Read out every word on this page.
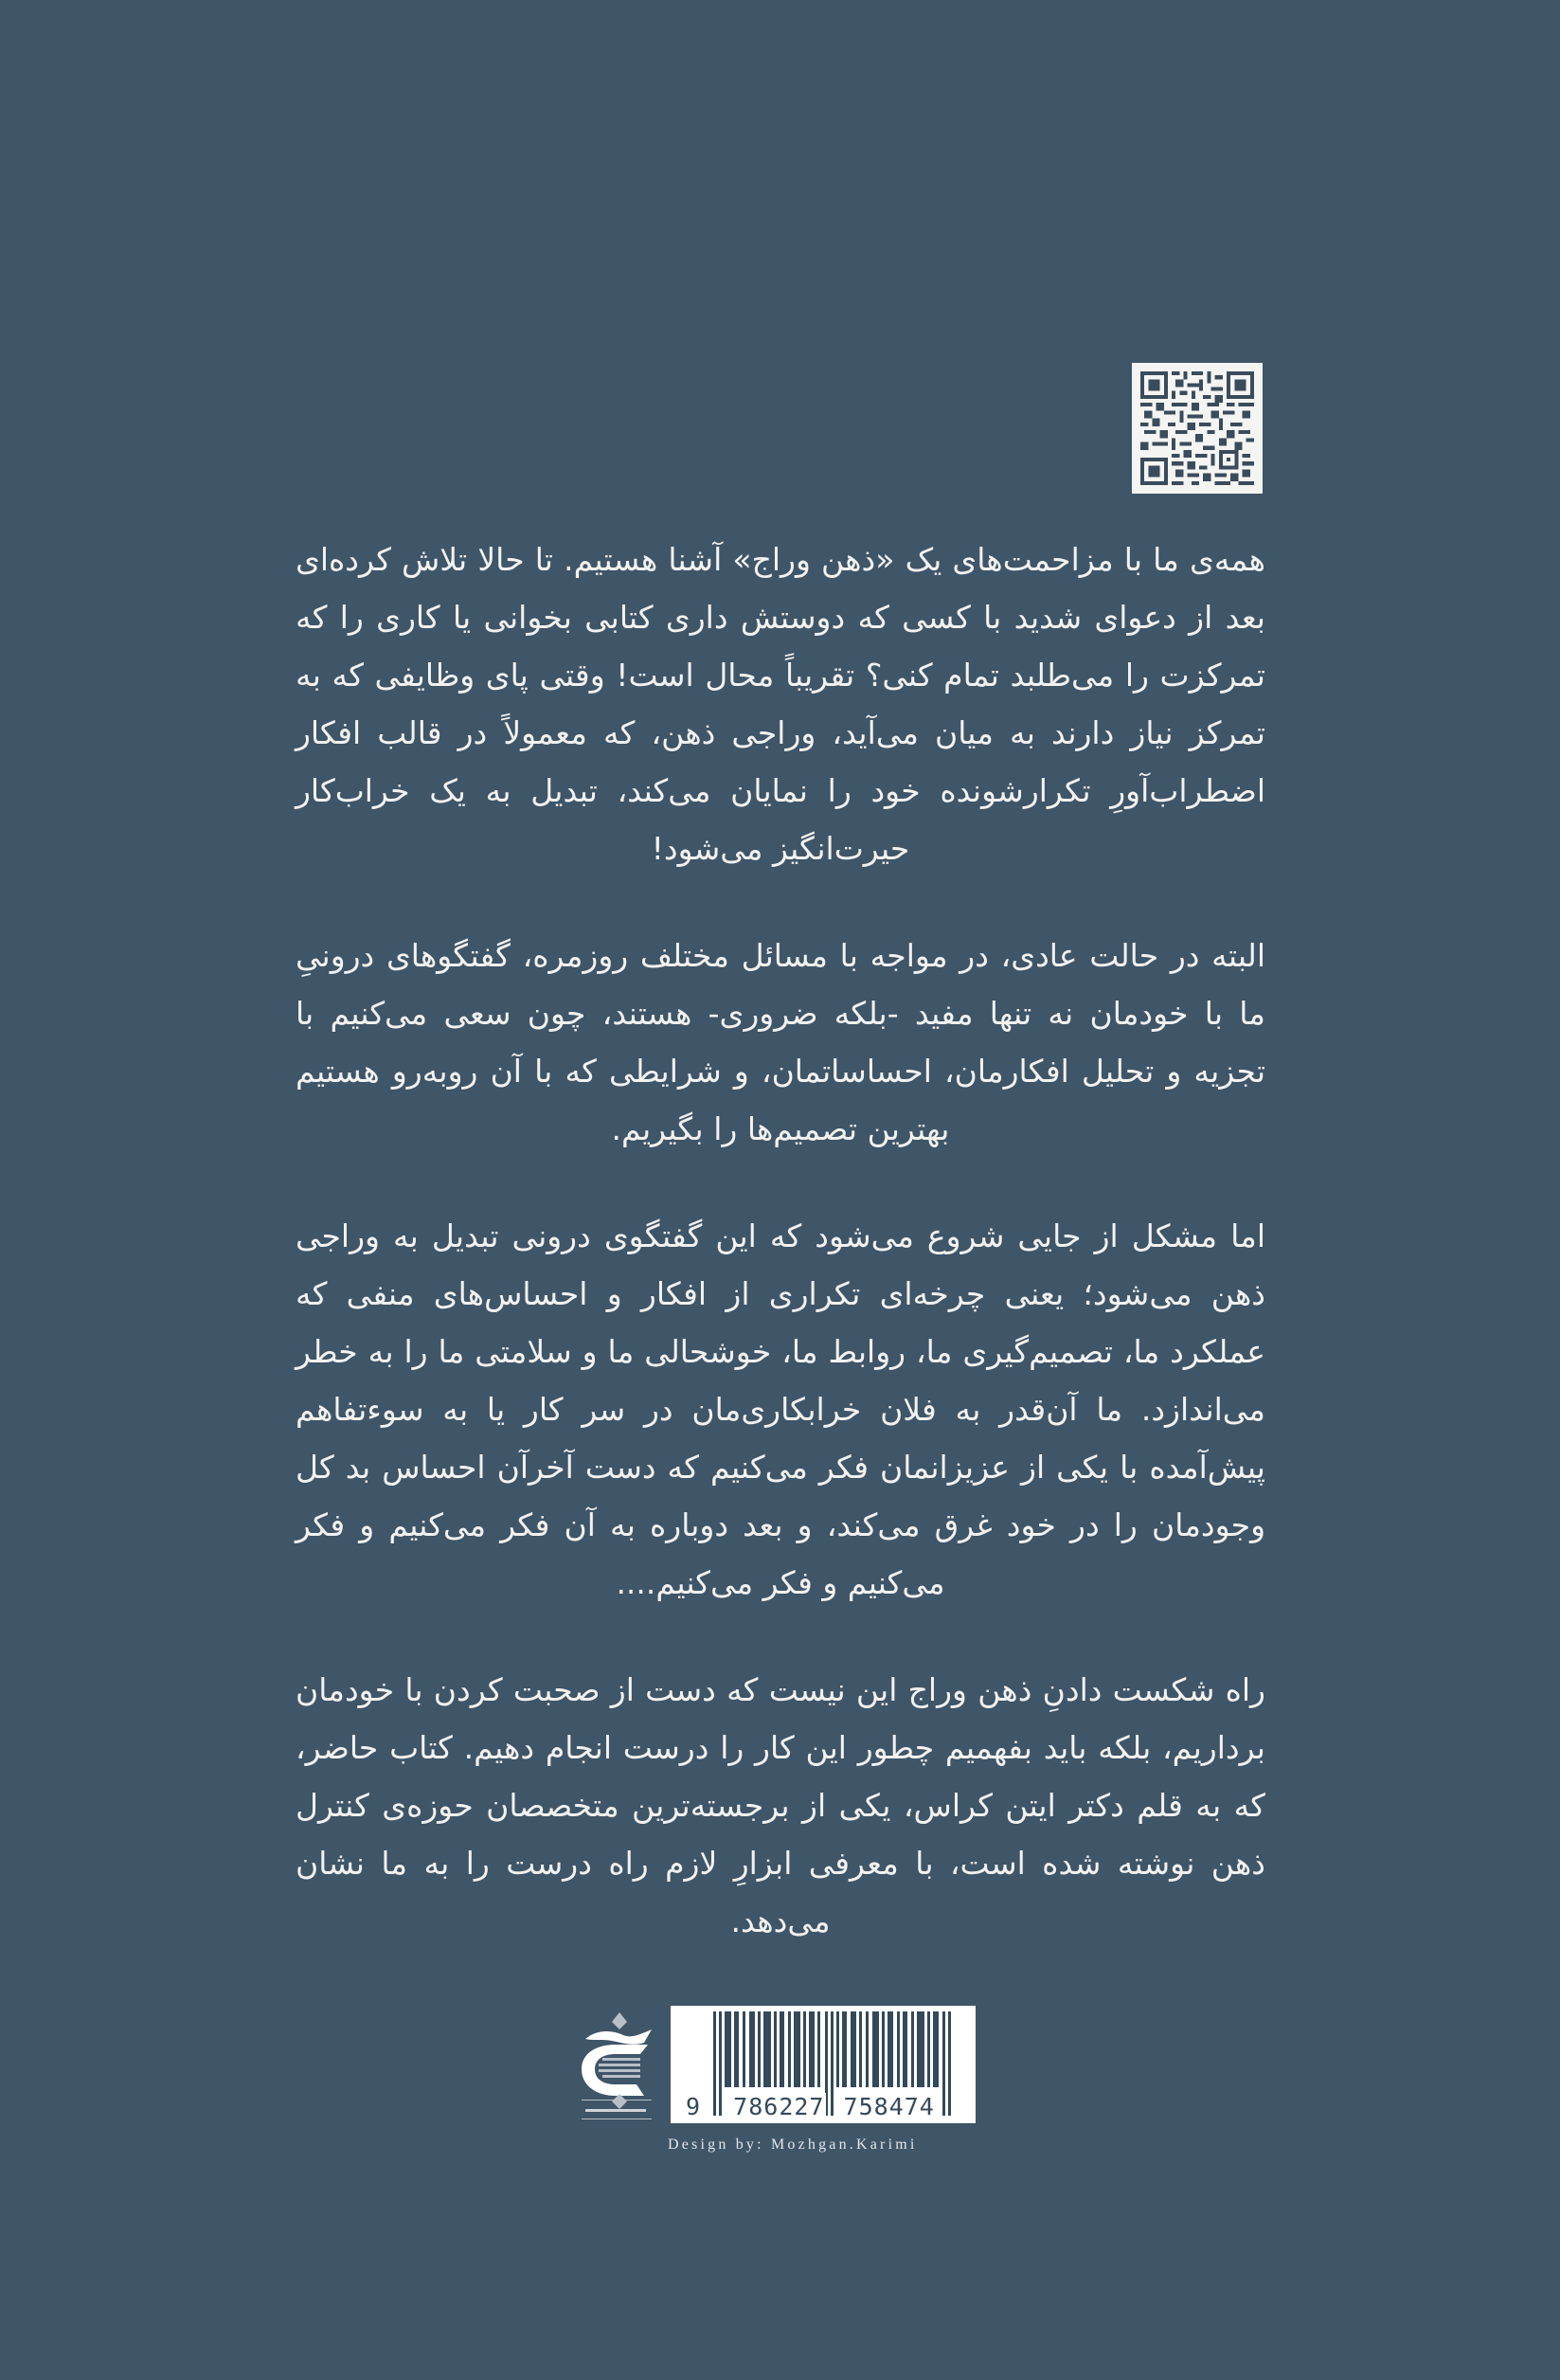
همه‌ی ما با مزاحمت‌های یک «ذهن وراج» آشنا هستیم. تا حالا تلاش کرده‌ای بعد از دعوای شدید با کسی که دوستش داری کتابی بخوانی یا کاری را که تمرکزت را می‌طلبد تمام کنی؟ تقریباً محال است! وقتی پای وظایفی که به تمرکز نیاز دارند به میان می‌آید، وراجی ذهن، که معمولاً در قالب افکار اضطراب‌آورِ تکرارشونده خود را نمایان می‌کند، تبدیل به یک خراب‌کار حیرت‌انگیز می‌شود!

البته در حالت عادی، در مواجه با مسائل مختلف روزمره، گفتگوهای درونیِ ما با خودمان نه تنها مفید -بلکه ضروری- هستند، چون سعی می‌کنیم با تجزیه و تحلیل افکارمان، احساساتمان، و شرایطی که با آن روبه‌رو هستیم بهترین تصمیم‌ها را بگیریم.

اما مشکل از جایی شروع می‌شود که این گفتگوی درونی تبدیل به وراجی ذهن می‌شود؛ یعنی چرخه‌ای تکراری از افکار و احساس‌های منفی که عملکرد ما، تصمیم‌گیری ما، روابط ما، خوشحالی ما و سلامتی ما را به خطر می‌اندازد. ما آن‌قدر به فلان خرابکاری‌مان در سر کار یا به سوءتفاهم پیش‌آمده با یکی از عزیزانمان فکر می‌کنیم که دست آخرآن احساس بد کل وجودمان را در خود غرق می‌کند، و بعد دوباره به آن فکر می‌کنیم و فکر می‌کنیم و فکر می‌کنیم....

راه شکست دادنِ ذهن وراج این نیست که دست از صحبت کردن با خودمان برداریم، بلکه باید بفهمیم چطور این کار را درست انجام دهیم. کتاب حاضر، که به قلم دکتر ایتن کراس، یکی از برجسته‌ترین متخصصان حوزه‌ی کنترل ذهن نوشته شده است، با معرفی ابزارِ لازم راه درست را به ما نشان می‌دهد.

9 786227 758474
Design by: Mozhgan.Karimi
